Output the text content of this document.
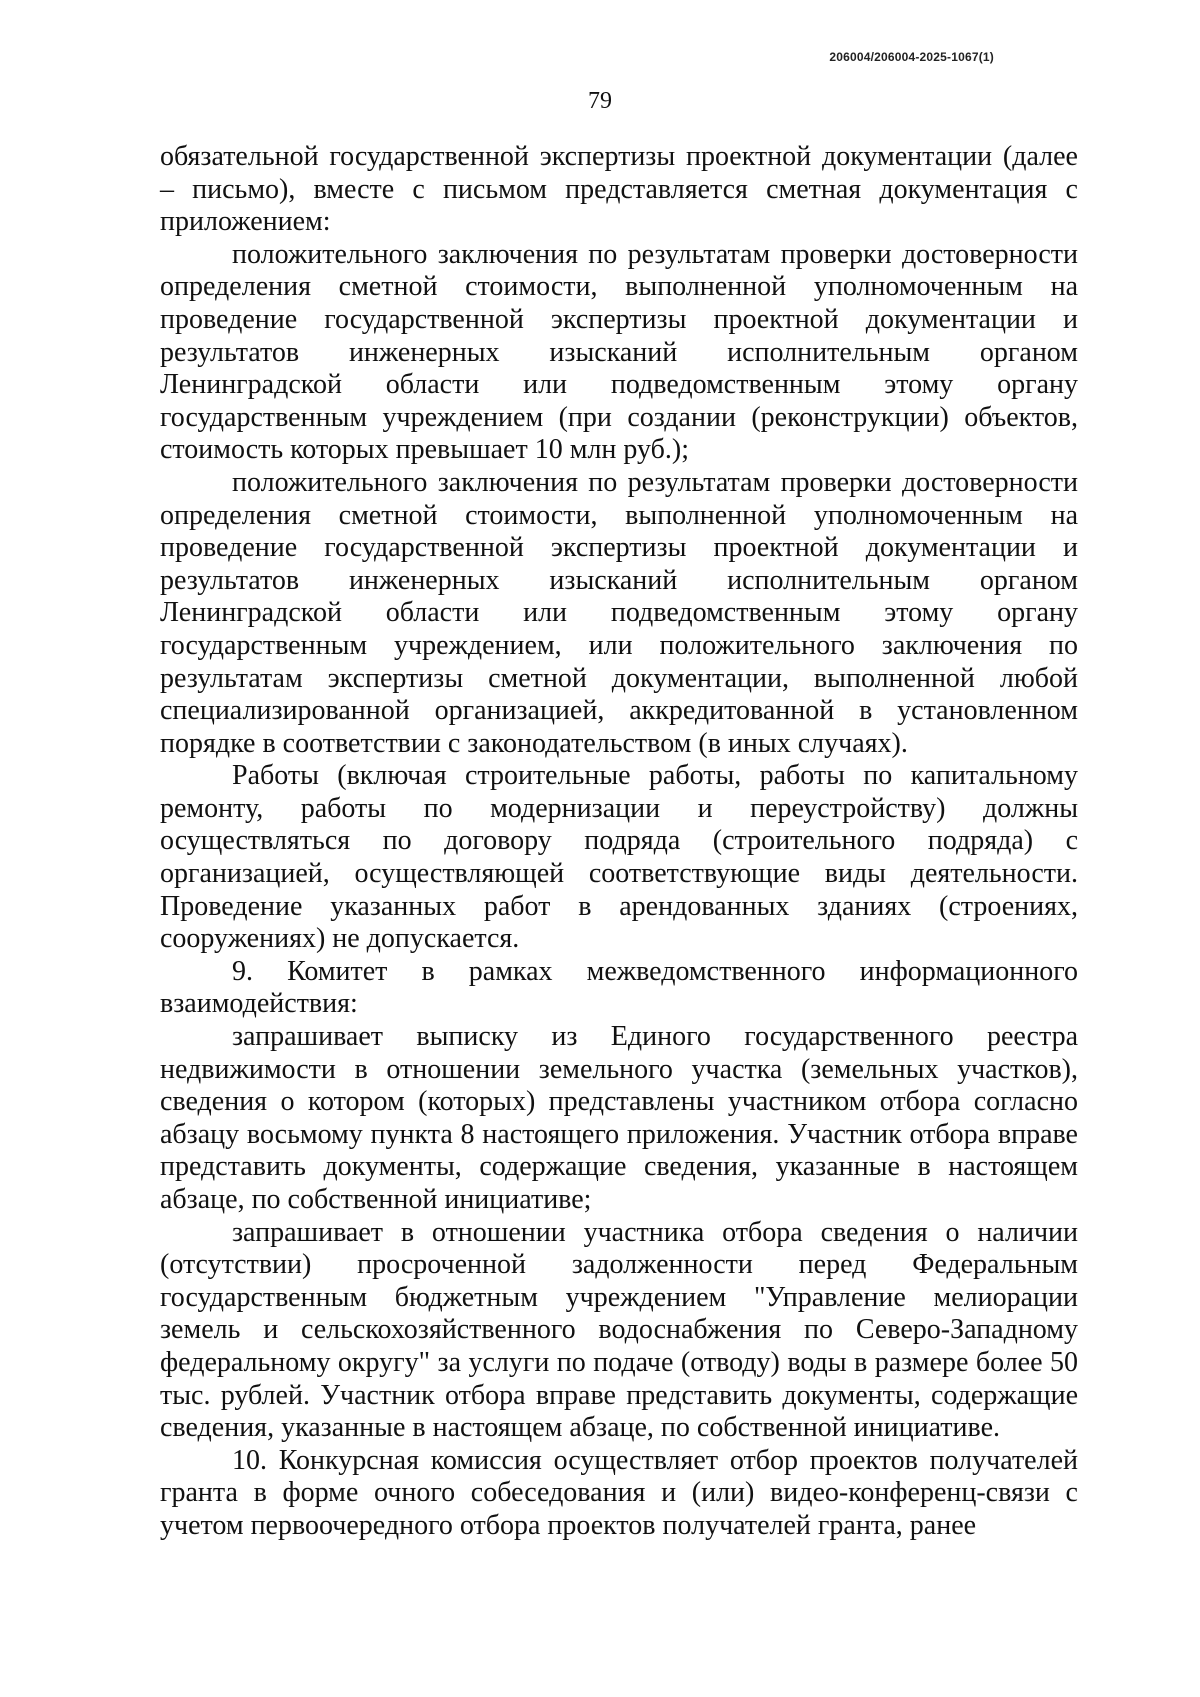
206004/206004-2025-1067(1)
79

обязательной государственной экспертизы проектной документации (далее – письмо), вместе с письмом представляется сметная документация с приложением:

положительного заключения по результатам проверки достоверности определения сметной стоимости, выполненной уполномоченным на проведение государственной экспертизы проектной документации и результатов инженерных изысканий исполнительным органом Ленинградской области или подведомственным этому органу государственным учреждением (при создании (реконструкции) объектов, стоимость которых превышает 10 млн руб.);

положительного заключения по результатам проверки достоверности определения сметной стоимости, выполненной уполномоченным на проведение государственной экспертизы проектной документации и результатов инженерных изысканий исполнительным органом Ленинградской области или подведомственным этому органу государственным учреждением, или положительного заключения по результатам экспертизы сметной документации, выполненной любой специализированной организацией, аккредитованной в установленном порядке в соответствии с законодательством (в иных случаях).

Работы (включая строительные работы, работы по капитальному ремонту, работы по модернизации и переустройству) должны осуществляться по договору подряда (строительного подряда) с организацией, осуществляющей соответствующие виды деятельности. Проведение указанных работ в арендованных зданиях (строениях, сооружениях) не допускается.

9. Комитет в рамках межведомственного информационного взаимодействия:

запрашивает выписку из Единого государственного реестра недвижимости в отношении земельного участка (земельных участков), сведения о котором (которых) представлены участником отбора согласно абзацу восьмому пункта 8 настоящего приложения. Участник отбора вправе представить документы, содержащие сведения, указанные в настоящем абзаце, по собственной инициативе;

запрашивает в отношении участника отбора сведения о наличии (отсутствии) просроченной задолженности перед Федеральным государственным бюджетным учреждением "Управление мелиорации земель и сельскохозяйственного водоснабжения по Северо-Западному федеральному округу" за услуги по подаче (отводу) воды в размере более 50 тыс. рублей. Участник отбора вправе представить документы, содержащие сведения, указанные в настоящем абзаце, по собственной инициативе.

10. Конкурсная комиссия осуществляет отбор проектов получателей гранта в форме очного собеседования и (или) видео-конференц-связи с учетом первоочередного отбора проектов получателей гранта, ранее
